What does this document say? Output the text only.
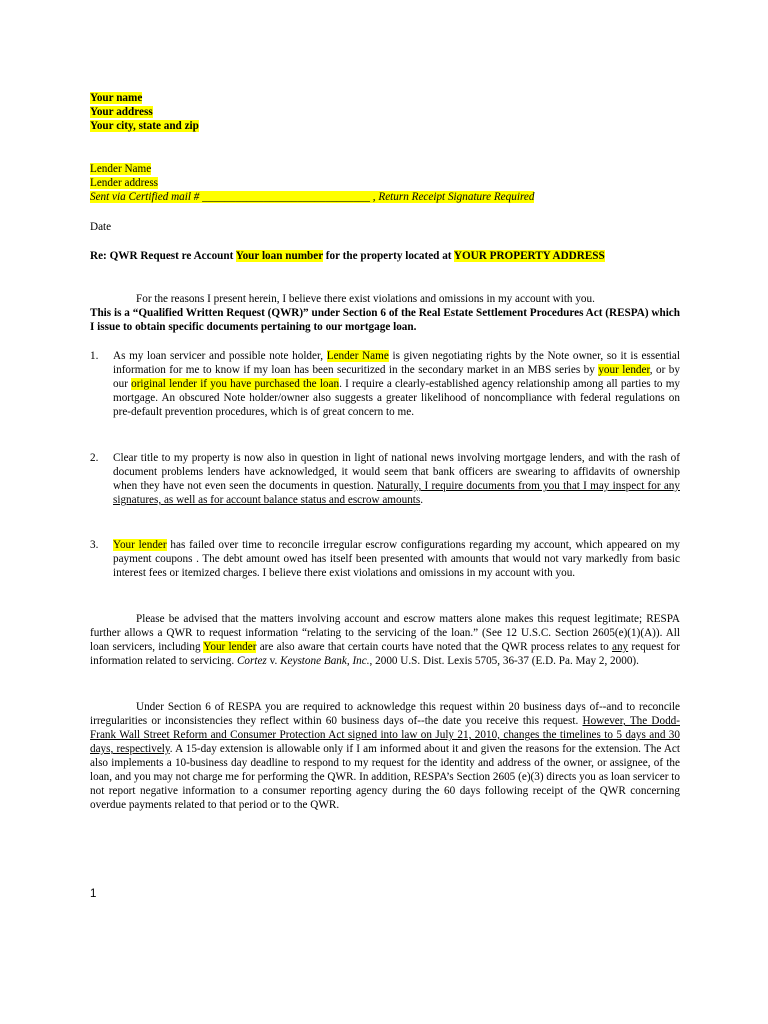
Your name
Your address
Your city, state and zip
Lender Name
Lender address
Sent via Certified mail # ______________________________ , Return Receipt Signature Required
Date
Re: QWR Request re Account Your loan number for the property located at YOUR PROPERTY ADDRESS
For the reasons I present herein, I believe there exist violations and omissions in my account with you.
This is a “Qualified Written Request (QWR)” under Section 6 of the Real Estate Settlement Procedures Act (RESPA) which I issue to obtain specific documents pertaining to our mortgage loan.
1. As my loan servicer and possible note holder, Lender Name is given negotiating rights by the Note owner, so it is essential information for me to know if my loan has been securitized in the secondary market in an MBS series by your lender, or by our original lender if you have purchased the loan. I require a clearly-established agency relationship among all parties to my mortgage. An obscured Note holder/owner also suggests a greater likelihood of noncompliance with federal regulations on pre-default prevention procedures, which is of great concern to me.
2. Clear title to my property is now also in question in light of national news involving mortgage lenders, and with the rash of document problems lenders have acknowledged, it would seem that bank officers are swearing to affidavits of ownership when they have not even seen the documents in question. Naturally, I require documents from you that I may inspect for any signatures, as well as for account balance status and escrow amounts.
3. Your lender has failed over time to reconcile irregular escrow configurations regarding my account, which appeared on my payment coupons . The debt amount owed has itself been presented with amounts that would not vary markedly from basic interest fees or itemized charges. I believe there exist violations and omissions in my account with you.
Please be advised that the matters involving account and escrow matters alone makes this request legitimate; RESPA further allows a QWR to request information “relating to the servicing of the loan.” (See 12 U.S.C. Section 2605(e)(1)(A)). All loan servicers, including Your lender are also aware that certain courts have noted that the QWR process relates to any request for information related to servicing. Cortez v. Keystone Bank, Inc., 2000 U.S. Dist. Lexis 5705, 36-37 (E.D. Pa. May 2, 2000).
Under Section 6 of RESPA you are required to acknowledge this request within 20 business days of--and to reconcile irregularities or inconsistencies they reflect within 60 business days of--the date you receive this request. However, The Dodd-Frank Wall Street Reform and Consumer Protection Act signed into law on July 21, 2010, changes the timelines to 5 days and 30 days, respectively. A 15-day extension is allowable only if I am informed about it and given the reasons for the extension. The Act also implements a 10-business day deadline to respond to my request for the identity and address of the owner, or assignee, of the loan, and you may not charge me for performing the QWR. In addition, RESPA’s Section 2605 (e)(3) directs you as loan servicer to not report negative information to a consumer reporting agency during the 60 days following receipt of the QWR concerning overdue payments related to that period or to the QWR.
1
